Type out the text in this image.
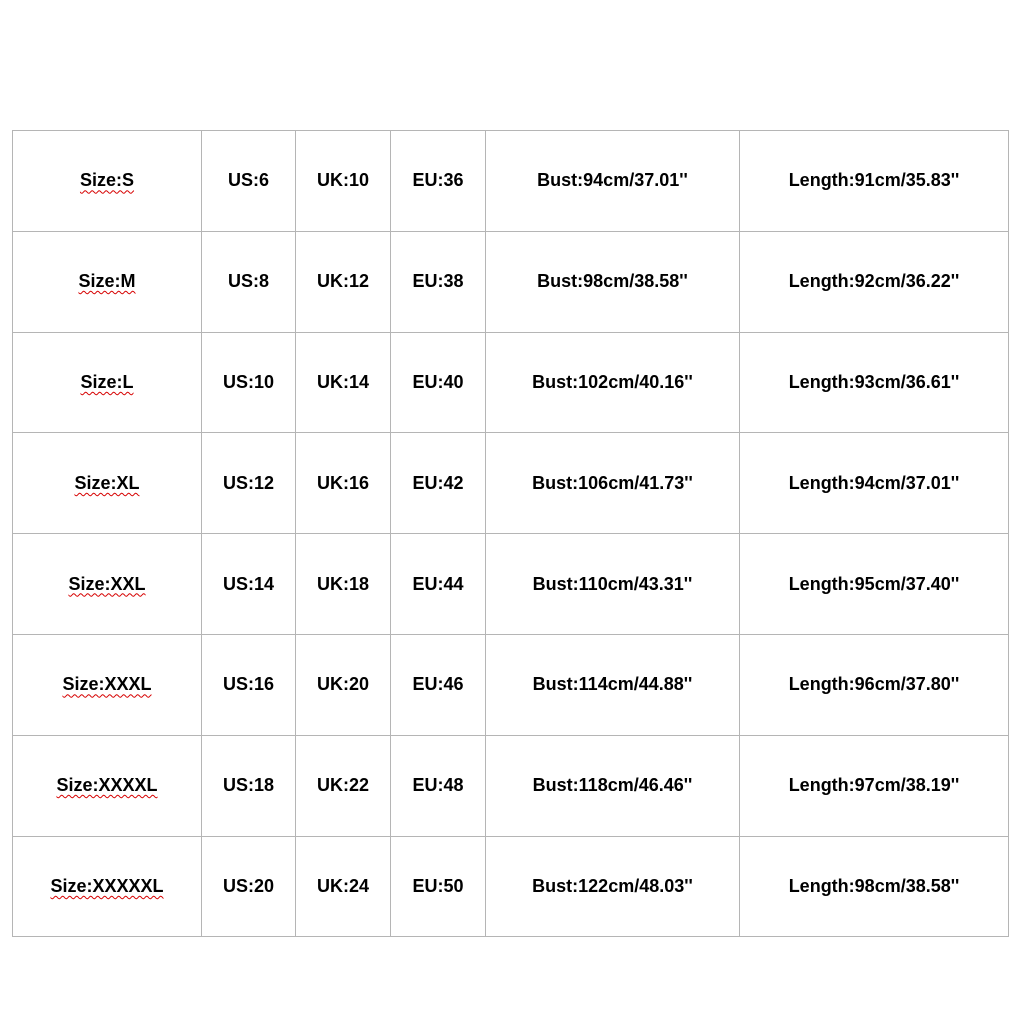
Size:S	US:6	UK:10	EU:36	Bust:94cm/37.01''	Length:91cm/35.83''
Size:M	US:8	UK:12	EU:38	Bust:98cm/38.58''	Length:92cm/36.22''
Size:L	US:10	UK:14	EU:40	Bust:102cm/40.16''	Length:93cm/36.61''
Size:XL	US:12	UK:16	EU:42	Bust:106cm/41.73''	Length:94cm/37.01''
Size:XXL	US:14	UK:18	EU:44	Bust:110cm/43.31''	Length:95cm/37.40''
Size:XXXL	US:16	UK:20	EU:46	Bust:114cm/44.88''	Length:96cm/37.80''
Size:XXXXL	US:18	UK:22	EU:48	Bust:118cm/46.46''	Length:97cm/38.19''
Size:XXXXXL	US:20	UK:24	EU:50	Bust:122cm/48.03''	Length:98cm/38.58''
